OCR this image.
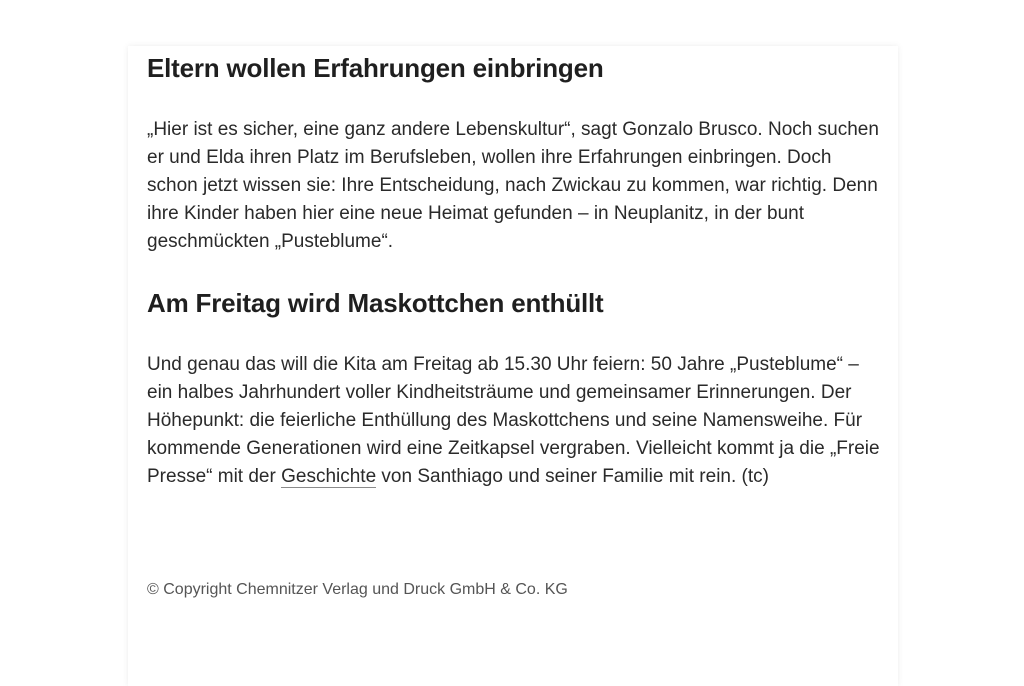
Eltern wollen Erfahrungen einbringen

„Hier ist es sicher, eine ganz andere Lebenskultur“, sagt Gonzalo Brusco. Noch suchen er und Elda ihren Platz im Berufsleben, wollen ihre Erfahrungen einbringen. Doch schon jetzt wissen sie: Ihre Entscheidung, nach Zwickau zu kommen, war richtig. Denn ihre Kinder haben hier eine neue Heimat gefunden – in Neuplanitz, in der bunt geschmückten „Pusteblume“.

Am Freitag wird Maskottchen enthüllt

Und genau das will die Kita am Freitag ab 15.30 Uhr feiern: 50 Jahre „Pusteblume“ – ein halbes Jahrhundert voller Kindheitsträume und gemeinsamer Erinnerungen. Der Höhepunkt: die feierliche Enthüllung des Maskottchens und seine Namensweihe. Für kommende Generationen wird eine Zeitkapsel vergraben. Vielleicht kommt ja die „Freie Presse“ mit der Geschichte von Santhiago und seiner Familie mit rein. (tc)

© Copyright Chemnitzer Verlag und Druck GmbH & Co. KG
